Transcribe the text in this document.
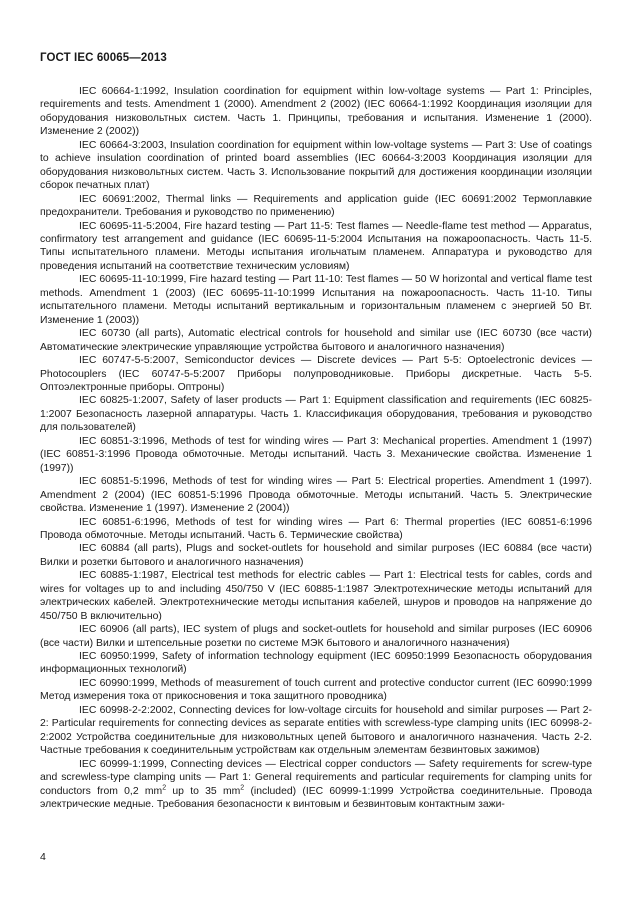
ГОСТ IEC 60065—2013

IEC 60664-1:1992, Insulation coordination for equipment within low-voltage systems — Part 1: Principles, requirements and tests. Amendment 1 (2000). Amendment 2 (2002) (IEC 60664-1:1992 Координация изоляции для оборудования низковольтных систем. Часть 1. Принципы, требования и испытания. Изменение 1 (2000). Изменение 2 (2002))

IEC 60664-3:2003, Insulation coordination for equipment within low-voltage systems — Part 3: Use of coatings to achieve insulation coordination of printed board assemblies (IEC 60664-3:2003 Координация изоляции для оборудования низковольтных систем. Часть 3. Использование покрытий для достижения координации изоляции сборок печатных плат)

IEC 60691:2002, Thermal links — Requirements and application guide (IEC 60691:2002 Термоплавкие предохранители. Требования и руководство по применению)

IEC 60695-11-5:2004, Fire hazard testing — Part 11-5: Test flames — Needle-flame test method — Apparatus, confirmatory test arrangement and guidance (IEC 60695-11-5:2004 Испытания на пожароопасность. Часть 11-5. Типы испытательного пламени. Методы испытания игольчатым пламенем. Аппаратура и руководство для проведения испытаний на соответствие техническим условиям)

IEC 60695-11-10:1999, Fire hazard testing — Part 11-10: Test flames — 50 W horizontal and vertical flame test methods. Amendment 1 (2003) (IEC 60695-11-10:1999 Испытания на пожароопасность. Часть 11-10. Типы испытательного пламени. Методы испытаний вертикальным и горизонтальным пламенем с энергией 50 Вт. Изменение 1 (2003))

IEC 60730 (all parts), Automatic electrical controls for household and similar use (IEC 60730 (все части) Автоматические электрические управляющие устройства бытового и аналогичного назначения)

IEC 60747-5-5:2007, Semiconductor devices — Discrete devices — Part 5-5: Optoelectronic devices — Photocouplers (IEC 60747-5-5:2007 Приборы полупроводниковые. Приборы дискретные. Часть 5-5. Оптоэлектронные приборы. Оптроны)

IEC 60825-1:2007, Safety of laser products — Part 1: Equipment classification and requirements (IEC 60825-1:2007 Безопасность лазерной аппаратуры. Часть 1. Классификация оборудования, требования и руководство для пользователей)

IEC 60851-3:1996, Methods of test for winding wires — Part 3: Mechanical properties. Amendment 1 (1997) (IEC 60851-3:1996 Провода обмоточные. Методы испытаний. Часть 3. Механические свойства. Изменение 1 (1997))

IEC 60851-5:1996, Methods of test for winding wires — Part 5: Electrical properties. Amendment 1 (1997). Amendment 2 (2004) (IEC 60851-5:1996 Провода обмоточные. Методы испытаний. Часть 5. Электрические свойства. Изменение 1 (1997). Изменение 2 (2004))

IEC 60851-6:1996, Methods of test for winding wires — Part 6: Thermal properties (IEC 60851-6:1996 Провода обмоточные. Методы испытаний. Часть 6. Термические свойства)

IEC 60884 (all parts), Plugs and socket-outlets for household and similar purposes (IEC 60884 (все части) Вилки и розетки бытового и аналогичного назначения)

IEC 60885-1:1987, Electrical test methods for electric cables — Part 1: Electrical tests for cables, cords and wires for voltages up to and including 450/750 V (IEC 60885-1:1987 Электротехнические методы испытаний для электрических кабелей. Электротехнические методы испытания кабелей, шнуров и проводов на напряжение до 450/750 В включительно)

IEC 60906 (all parts), IEC system of plugs and socket-outlets for household and similar purposes (IEC 60906 (все части) Вилки и штепсельные розетки по системе МЭК бытового и аналогичного назначения)

IEC 60950:1999, Safety of information technology equipment (IEC 60950:1999 Безопасность оборудования информационных технологий)

IEC 60990:1999, Methods of measurement of touch current and protective conductor current (IEC 60990:1999 Метод измерения тока от прикосновения и тока защитного проводника)

IEC 60998-2-2:2002, Connecting devices for low-voltage circuits for household and similar purposes — Part 2-2: Particular requirements for connecting devices as separate entities with screwless-type clamping units (IEC 60998-2-2:2002 Устройства соединительные для низковольтных цепей бытового и аналогичного назначения. Часть 2-2. Частные требования к соединительным устройствам как отдельным элементам безвинтовых зажимов)

IEC 60999-1:1999, Connecting devices — Electrical copper conductors — Safety requirements for screw-type and screwless-type clamping units — Part 1: General requirements and particular requirements for clamping units for conductors from 0,2 $mm^2$ up to 35 $mm^2$ (included) (IEC 60999-1:1999 Устройства соединительные. Провода электрические медные. Требования безопасности к винтовым и безвинтовым контактным зажи-

4
